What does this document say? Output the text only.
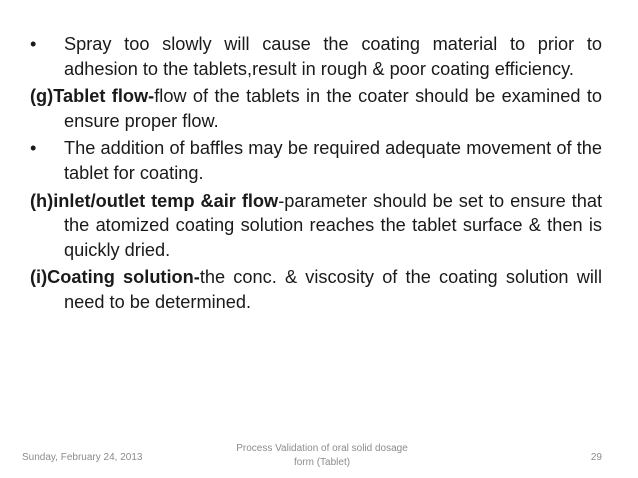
•	Spray too slowly will cause the coating material to prior to adhesion to the tablets,result in rough & poor coating efficiency.
(g)Tablet flow-flow of the tablets in the coater should be examined to ensure proper flow.
•	The addition of baffles may be required adequate movement of the tablet for coating.
(h)inlet/outlet temp &air flow-parameter should be set to ensure that the atomized coating solution reaches the tablet surface & then is quickly dried.
(i)Coating solution-the conc. & viscosity of the coating solution will need to be determined.
Sunday, February 24, 2013
Process Validation of oral solid dosage
form (Tablet)	29
